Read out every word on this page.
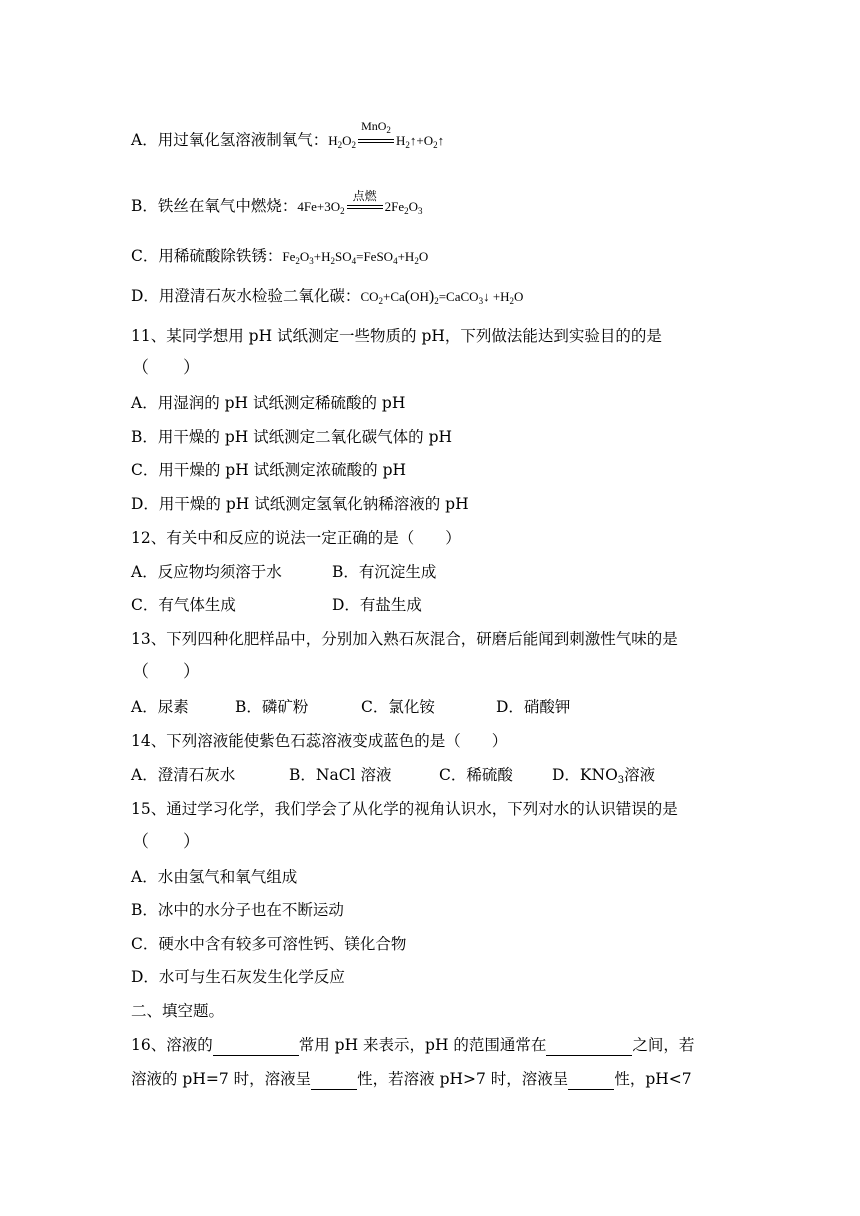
A．用过氧化氢溶液制氧气：$H_2O_2$
MnO$_2$
$H_2↑+O_2↑$
B．铁丝在氧气中燃烧：$4Fe+3O_2$
点燃
$2Fe_2O_3$
C．用稀硫酸除铁锈：$Fe_2O_3+H_2SO_4=FeSO_4+H_2O$
D．用澄清石灰水检验二氧化碳：$CO_2+Ca(OH)_2=CaCO_3↓ +H_2O$
11、某同学想用 pH 试纸测定一些物质的 pH，下列做法能达到实验目的的是
（　　）
A．用湿润的 pH 试纸测定稀硫酸的 pH
B．用干燥的 pH 试纸测定二氧化碳气体的 pH
C．用干燥的 pH 试纸测定浓硫酸的 pH
D．用干燥的 pH 试纸测定氢氧化钠稀溶液的 pH
12、有关中和反应的说法一定正确的是（　　）
A．反应物均须溶于水	B．有沉淀生成
C．有气体生成	D．有盐生成
13、下列四种化肥样品中，分别加入熟石灰混合，研磨后能闻到刺激性气味的是
（　　）
A．尿素	B．磷矿粉	C．氯化铵	D．硝酸钾
14、下列溶液能使紫色石蕊溶液变成蓝色的是（　　）
A．澄清石灰水	B．NaCl 溶液	C．稀硫酸	D．$KNO_3$溶液
15、通过学习化学，我们学会了从化学的视角认识水，下列对水的认识错误的是
（　　）
A．水由氢气和氧气组成
B．冰中的水分子也在不断运动
C．硬水中含有较多可溶性钙、镁化合物
D．水可与生石灰发生化学反应
二、填空题。
16、溶液的	常用 pH 来表示，pH 的范围通常在	之间，若
溶液的 pH=7 时，溶液呈	性，若溶液 pH>7 时，溶液呈	性，pH<7
